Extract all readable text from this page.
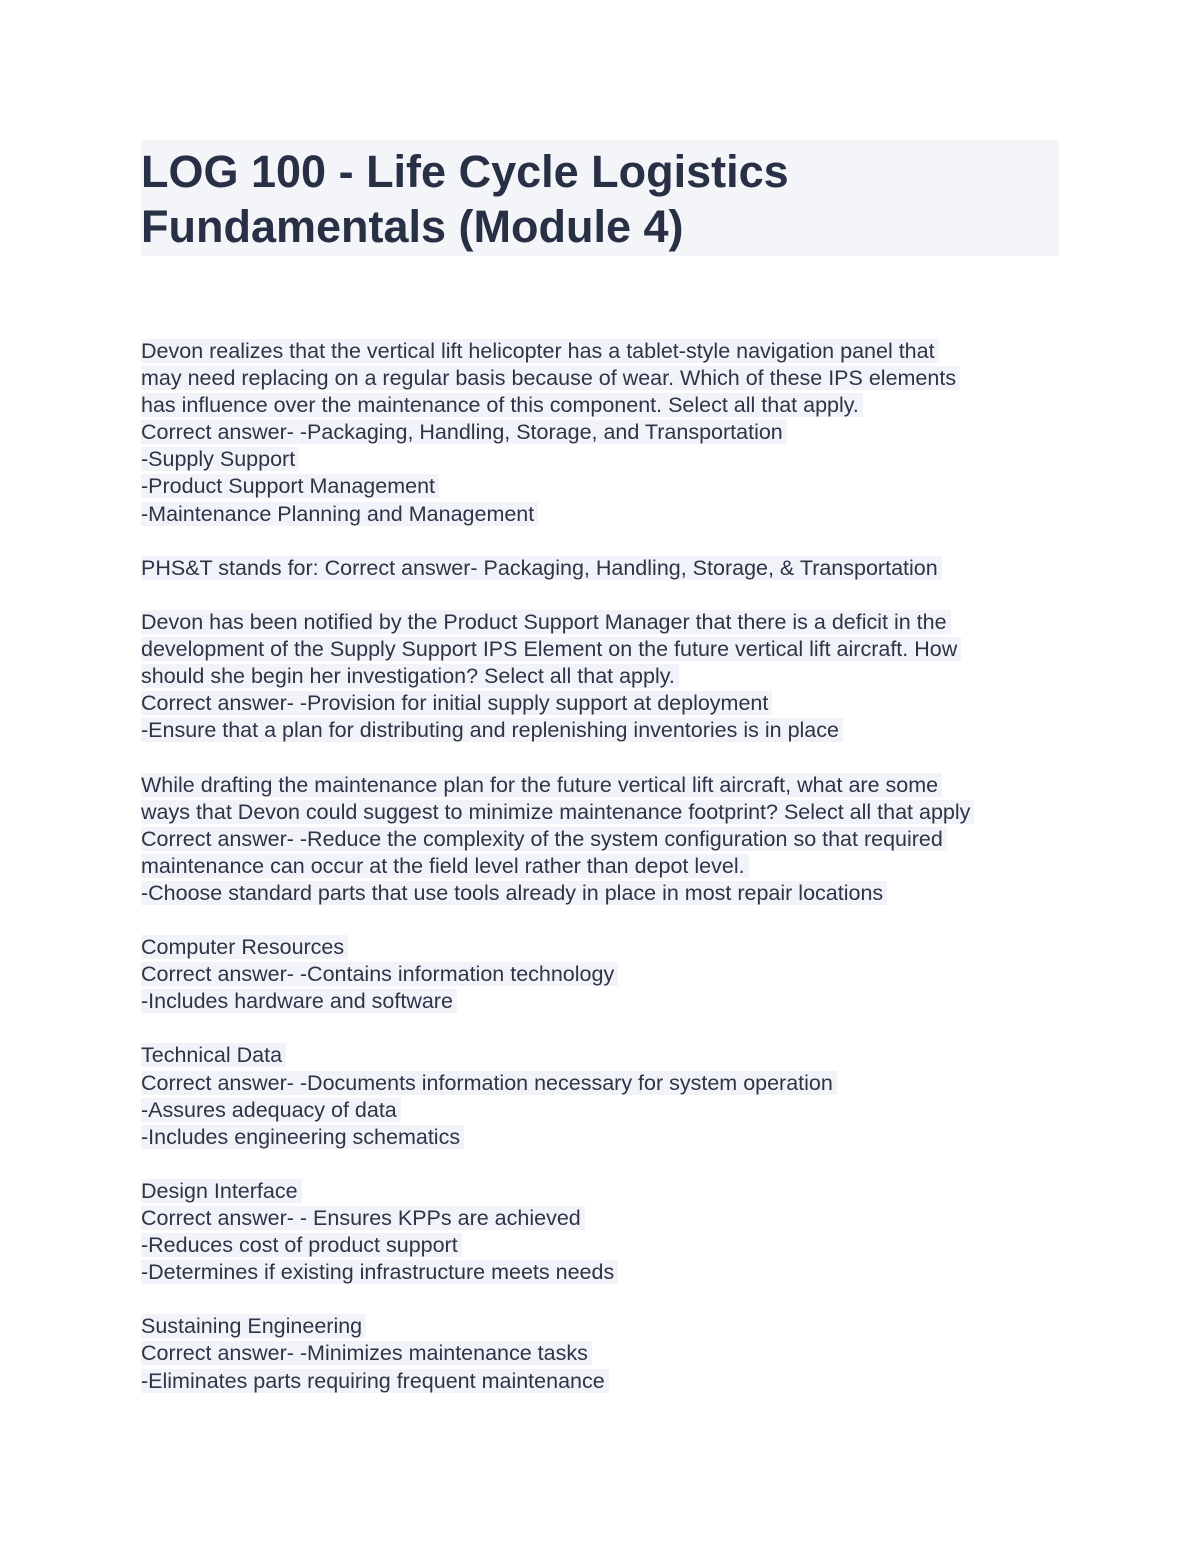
LOG 100 - Life Cycle Logistics
Fundamentals (Module 4)
Devon realizes that the vertical lift helicopter has a tablet-style navigation panel that
may need replacing on a regular basis because of wear. Which of these IPS elements
has influence over the maintenance of this component. Select all that apply.
Correct answer- -Packaging, Handling, Storage, and Transportation
-Supply Support
-Product Support Management
-Maintenance Planning and Management
PHS&T stands for: Correct answer- Packaging, Handling, Storage, & Transportation
Devon has been notified by the Product Support Manager that there is a deficit in the
development of the Supply Support IPS Element on the future vertical lift aircraft. How
should she begin her investigation? Select all that apply.
Correct answer- -Provision for initial supply support at deployment
-Ensure that a plan for distributing and replenishing inventories is in place
While drafting the maintenance plan for the future vertical lift aircraft, what are some
ways that Devon could suggest to minimize maintenance footprint? Select all that apply
Correct answer- -Reduce the complexity of the system configuration so that required
maintenance can occur at the field level rather than depot level.
-Choose standard parts that use tools already in place in most repair locations
Computer Resources
Correct answer- -Contains information technology
-Includes hardware and software
Technical Data
Correct answer- -Documents information necessary for system operation
-Assures adequacy of data
-Includes engineering schematics
Design Interface
Correct answer- - Ensures KPPs are achieved
-Reduces cost of product support
-Determines if existing infrastructure meets needs
Sustaining Engineering
Correct answer- -Minimizes maintenance tasks
-Eliminates parts requiring frequent maintenance
